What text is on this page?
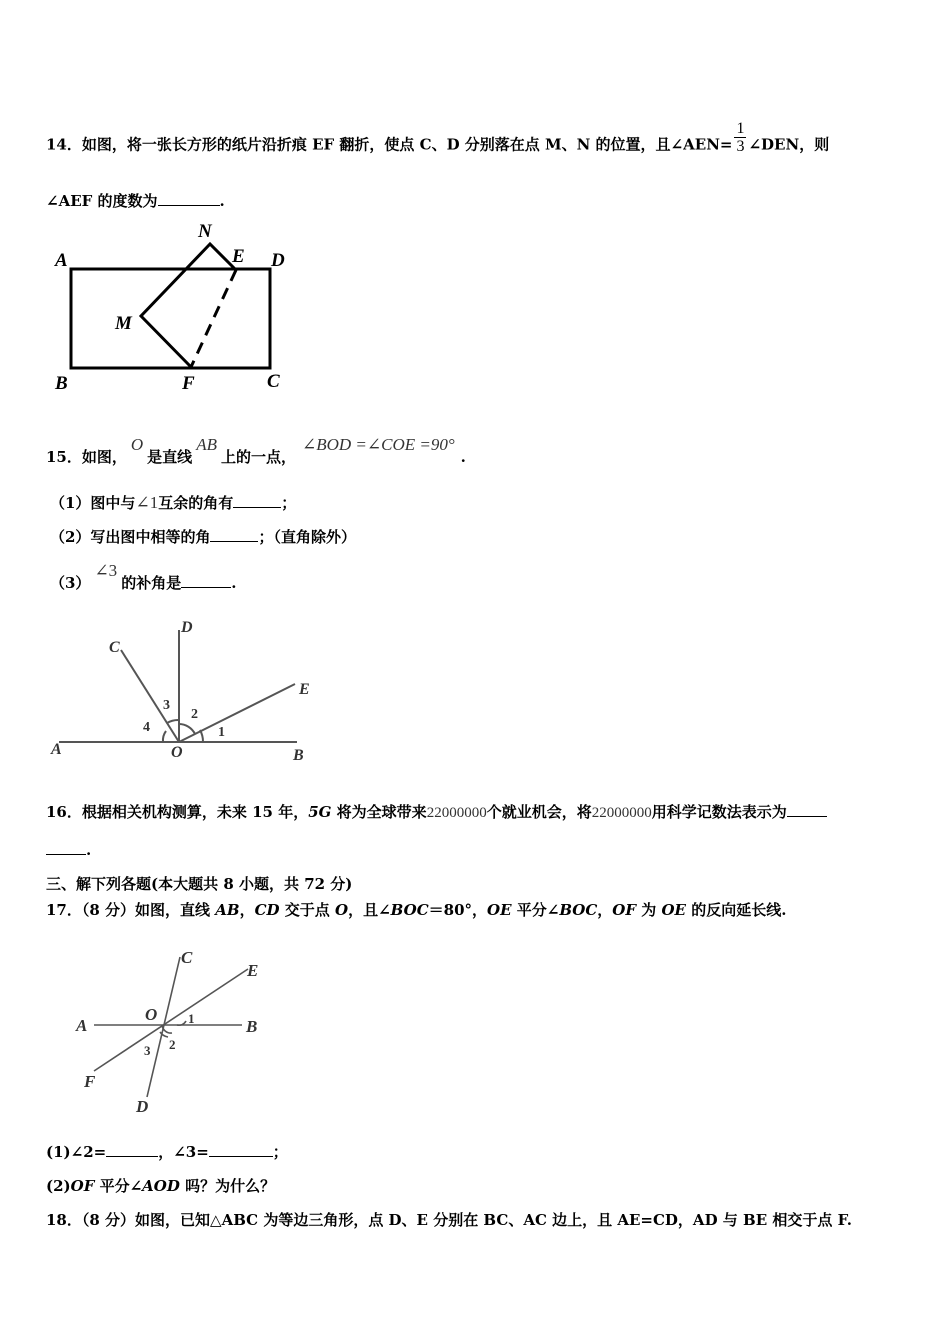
14．如图，将一张长方形的纸片沿折痕 EF 翻折，使点 C、D 分别落在点 M、N 的位置，且∠AEN= $\frac{1}{3}$ ∠DEN，则
∠AEF 的度数为	.
A	D
B	C
N
E
M
F
15．如图，O是直线AB上的一点，∠BOD =∠COE =90°.
（1）图中与∠1互余的角有	；
（2）写出图中相等的角	；（直角除外）
（3）∠3的补角是	.
A	B
C
D
E
O
1
2
3
4
16．根据相关机构测算，未来 15 年，5G 将为全球带来22000000个就业机会，将22000000用科学记数法表示为
.
三、解下列各题(本大题共 8 小题，共 72 分)
17．（8 分）如图，直线 AB，CD 交于点 O，且∠BOC＝80°，OE 平分∠BOC，OF 为 OE 的反向延长线.
A	B
C
D
E
F
O 1
2
3
(1)∠2=	，∠3=	；
(2)OF 平分∠AOD 吗？为什么？
18．（8 分）如图，已知△ABC 为等边三角形，点 D、E 分别在 BC、AC 边上，且 AE=CD，AD 与 BE 相交于点 F.
